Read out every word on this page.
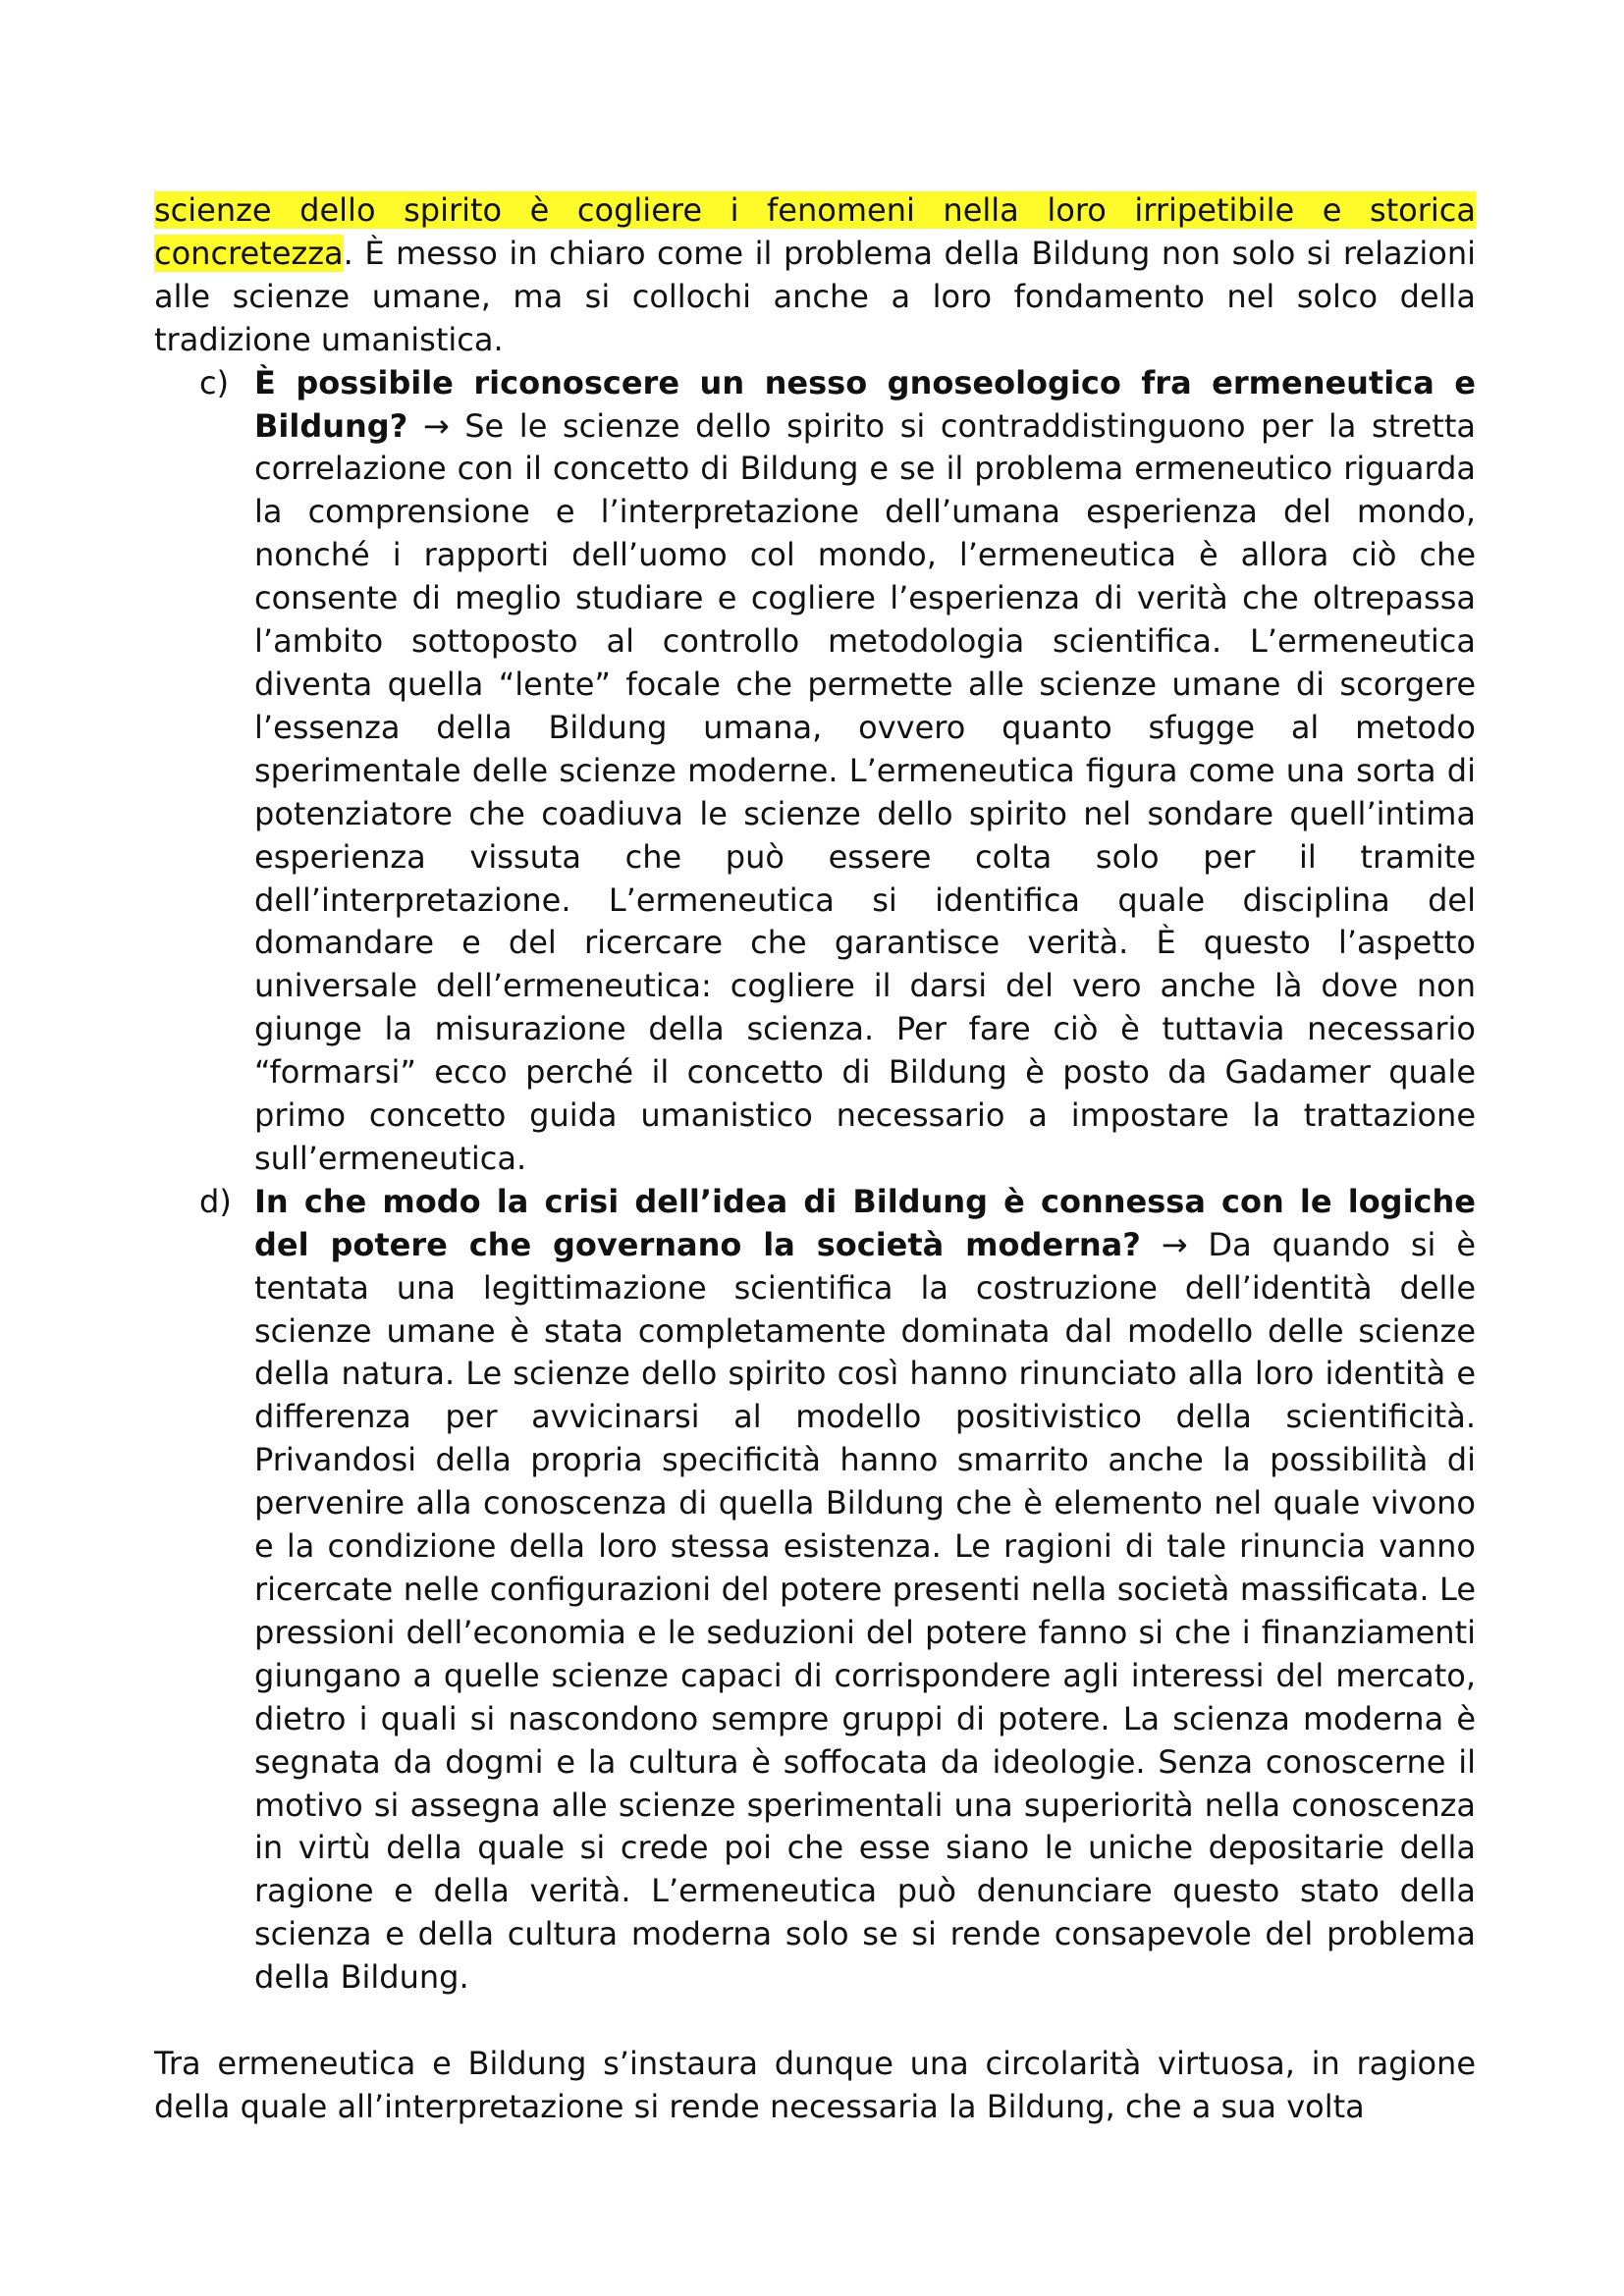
scienze dello spirito è cogliere i fenomeni nella loro irripetibile e storica concretezza. È messo in chiaro come il problema della Bildung non solo si relazioni alle scienze umane, ma si collochi anche a loro fondamento nel solco della tradizione umanistica.

c) È possibile riconoscere un nesso gnoseologico fra ermeneutica e Bildung? → Se le scienze dello spirito si contraddistinguono per la stretta correlazione con il concetto di Bildung e se il problema ermeneutico riguarda la comprensione e l’interpretazione dell’umana esperienza del mondo, nonché i rapporti dell’uomo col mondo, l’ermeneutica è allora ciò che consente di meglio studiare e cogliere l’esperienza di verità che oltrepassa l’ambito sottoposto al controllo metodologia scientifica. L’ermeneutica diventa quella “lente” focale che permette alle scienze umane di scorgere l’essenza della Bildung umana, ovvero quanto sfugge al metodo sperimentale delle scienze moderne. L’ermeneutica figura come una sorta di potenziatore che coadiuva le scienze dello spirito nel sondare quell’intima esperienza vissuta che può essere colta solo per il tramite dell’interpretazione. L’ermeneutica si identifica quale disciplina del domandare e del ricercare che garantisce verità. È questo l’aspetto universale dell’ermeneutica: cogliere il darsi del vero anche là dove non giunge la misurazione della scienza. Per fare ciò è tuttavia necessario “formarsi” ecco perché il concetto di Bildung è posto da Gadamer quale primo concetto guida umanistico necessario a impostare la trattazione sull’ermeneutica.
d) In che modo la crisi dell’idea di Bildung è connessa con le logiche del potere che governano la società moderna? → Da quando si è tentata una legittimazione scientifica la costruzione dell’identità delle scienze umane è stata completamente dominata dal modello delle scienze della natura. Le scienze dello spirito così hanno rinunciato alla loro identità e differenza per avvicinarsi al modello positivistico della scientificità. Privandosi della propria specificità hanno smarrito anche la possibilità di pervenire alla conoscenza di quella Bildung che è elemento nel quale vivono e la condizione della loro stessa esistenza. Le ragioni di tale rinuncia vanno ricercate nelle configurazioni del potere presenti nella società massificata. Le pressioni dell’economia e le seduzioni del potere fanno si che i finanziamenti giungano a quelle scienze capaci di corrispondere agli interessi del mercato, dietro i quali si nascondono sempre gruppi di potere. La scienza moderna è segnata da dogmi e la cultura è soffocata da ideologie. Senza conoscerne il motivo si assegna alle scienze sperimentali una superiorità nella conoscenza in virtù della quale si crede poi che esse siano le uniche depositarie della ragione e della verità. L’ermeneutica può denunciare questo stato della scienza e della cultura moderna solo se si rende consapevole del problema della Bildung.

Tra ermeneutica e Bildung s’instaura dunque una circolarità virtuosa, in ragione della quale all’interpretazione si rende necessaria la Bildung, che a sua volta
